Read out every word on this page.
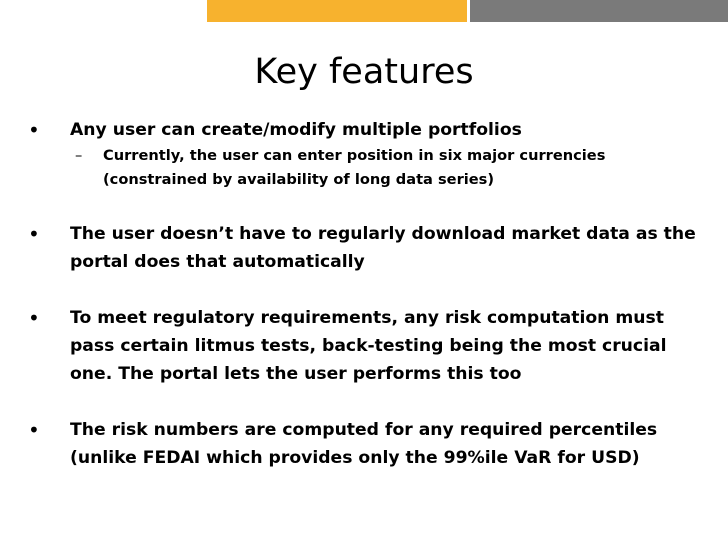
Key features
• Any user can create/modify multiple portfolios
– Currently, the user can enter position in six major currencies (constrained by availability of long data series)
• The user doesn’t have to regularly download market data as the portal does that automatically
• To meet regulatory requirements, any risk computation must pass certain litmus tests, back-testing being the most crucial one. The portal lets the user performs this too
• The risk numbers are computed for any required percentiles (unlike FEDAI which provides only the 99%ile VaR for USD)
